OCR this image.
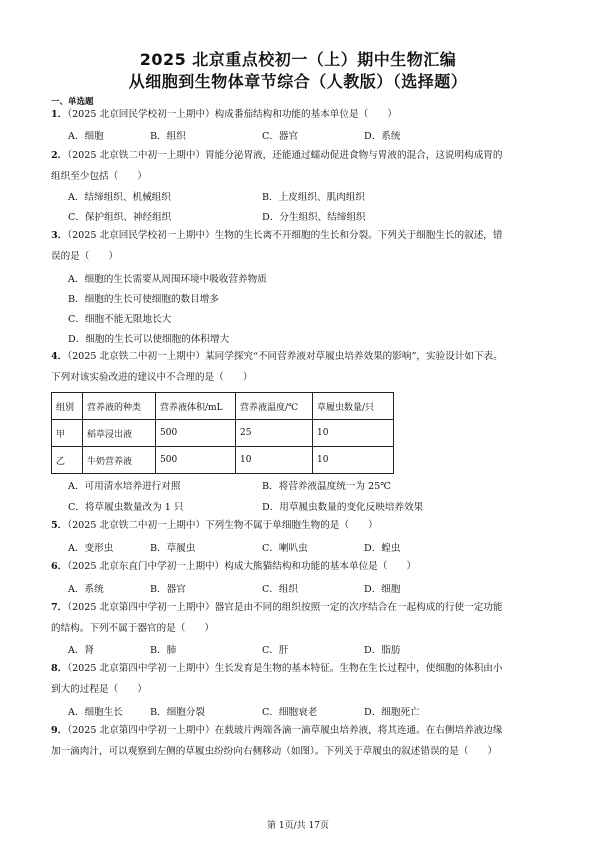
2025 北京重点校初一（上）期中生物汇编
从细胞到生物体章节综合（人教版）（选择题）
一、单选题
1．（2025 北京回民学校初一上期中）构成番茄结构和功能的基本单位是（　　）
A．细胞	B．组织	C．器官	D．系统
2．（2025 北京铁二中初一上期中）胃能分泌胃液，还能通过蠕动促进食物与胃液的混合，这说明构成胃的
组织至少包括（　　）
A．结缔组织、机械组织	B．上皮组织、肌肉组织
C．保护组织、神经组织	D．分生组织、结缔组织
3．（2025 北京回民学校初一上期中）生物的生长离不开细胞的生长和分裂。下列关于细胞生长的叙述，错
误的是（　　）
A．细胞的生长需要从周围环境中吸收营养物质
B．细胞的生长可使细胞的数目增多
C．细胞不能无限地长大
D．细胞的生长可以使细胞的体积增大
4．（2025 北京铁二中初一上期中）某同学探究“不同营养液对草履虫培养效果的影响”，实验设计如下表。
下列对该实验改进的建议中不合理的是（　　）
组别	营养液的种类	营养液体积/mL	营养液温度/℃	草履虫数量/只
甲	稻草浸出液	500	25	10
乙	牛奶营养液	500	10	10
A．可用清水培养进行对照	B．将营养液温度统一为 25℃
C．将草履虫数量改为 1 只	D．用草履虫数量的变化反映培养效果
5．（2025 北京铁二中初一上期中）下列生物不属于单细胞生物的是（　　）
A．变形虫	B．草履虫	C．喇叭虫	D．蝗虫
6．（2025 北京东直门中学初一上期中）构成大熊猫结构和功能的基本单位是（　　）
A．系统	B．器官	C．组织	D．细胞
7．（2025 北京第四中学初一上期中）器官是由不同的组织按照一定的次序结合在一起构成的行使一定功能
的结构。下列不属于器官的是（　　）
A．肾	B．肺	C．肝	D．脂肪
8．（2025 北京第四中学初一上期中）生长发育是生物的基本特征。生物在生长过程中，使细胞的体积由小
到大的过程是（　　）
A．细胞生长	B．细胞分裂	C．细胞衰老	D．细胞死亡
9．（2025 北京第四中学初一上期中）在载玻片两端各滴一滴草履虫培养液，将其连通。在右侧培养液边缘
加一滴肉汁，可以观察到左侧的草履虫纷纷向右侧移动（如图）。下列关于草履虫的叙述错误的是（　　）
第 1页/共 17页
